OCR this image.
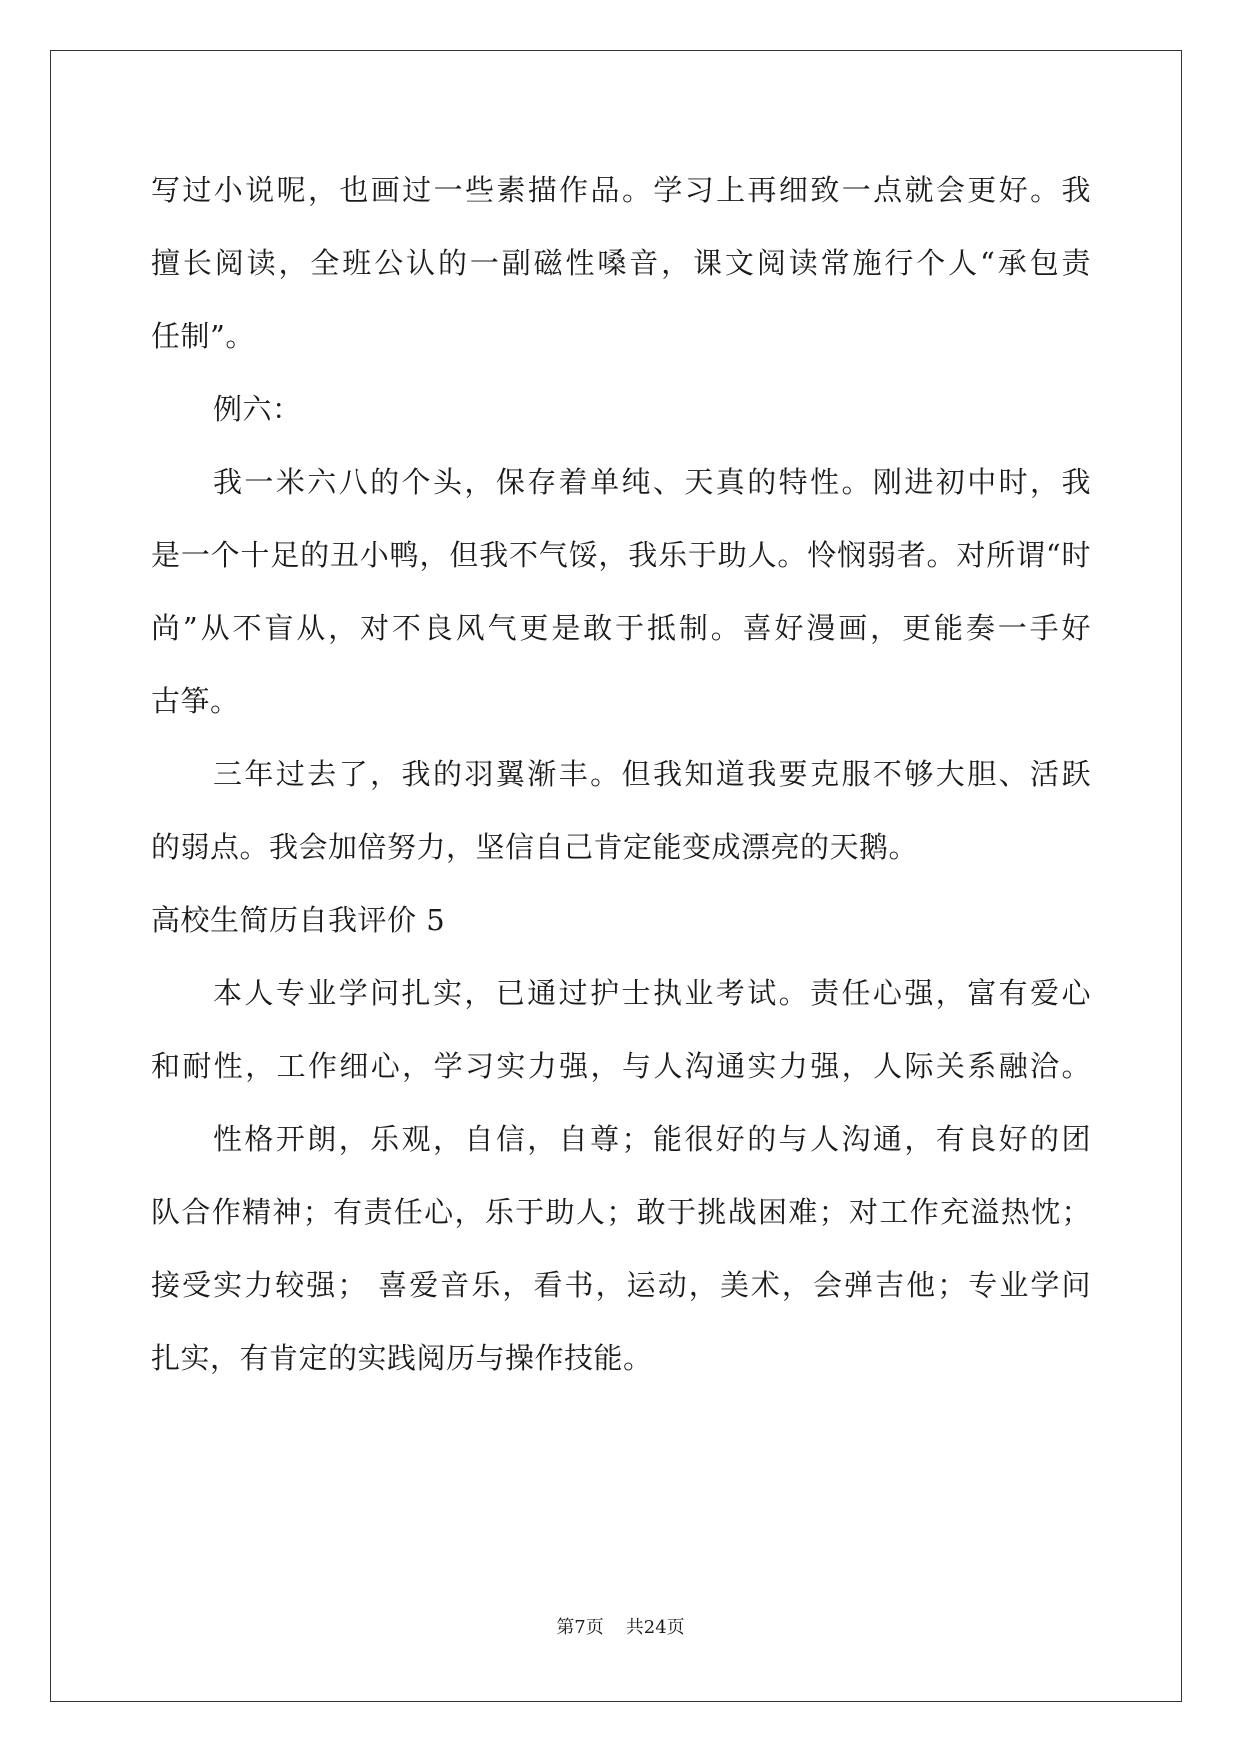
写过小说呢，也画过一些素描作品。学习上再细致一点就会更好。我
擅长阅读，全班公认的一副磁性嗓音，课文阅读常施行个人“承包责
任制”。
例六：
我一米六八的个头，保存着单纯、天真的特性。刚进初中时，我
是一个十足的丑小鸭，但我不气馁，我乐于助人。怜悯弱者。对所谓“时
尚”从不盲从，对不良风气更是敢于抵制。喜好漫画，更能奏一手好
古筝。
三年过去了，我的羽翼渐丰。但我知道我要克服不够大胆、活跃
的弱点。我会加倍努力，坚信自己肯定能变成漂亮的天鹅。
高校生简历自我评价 5
本人专业学问扎实，已通过护士执业考试。责任心强，富有爱心
和耐性，工作细心，学习实力强，与人沟通实力强，人际关系融洽。
性格开朗，乐观，自信，自尊；能很好的与人沟通，有良好的团
队合作精神；有责任心，乐于助人；敢于挑战困难；对工作充溢热忱；
接受实力较强； 喜爱音乐，看书，运动，美术，会弹吉他；专业学问
扎实，有肯定的实践阅历与操作技能。
第7页 共24页
